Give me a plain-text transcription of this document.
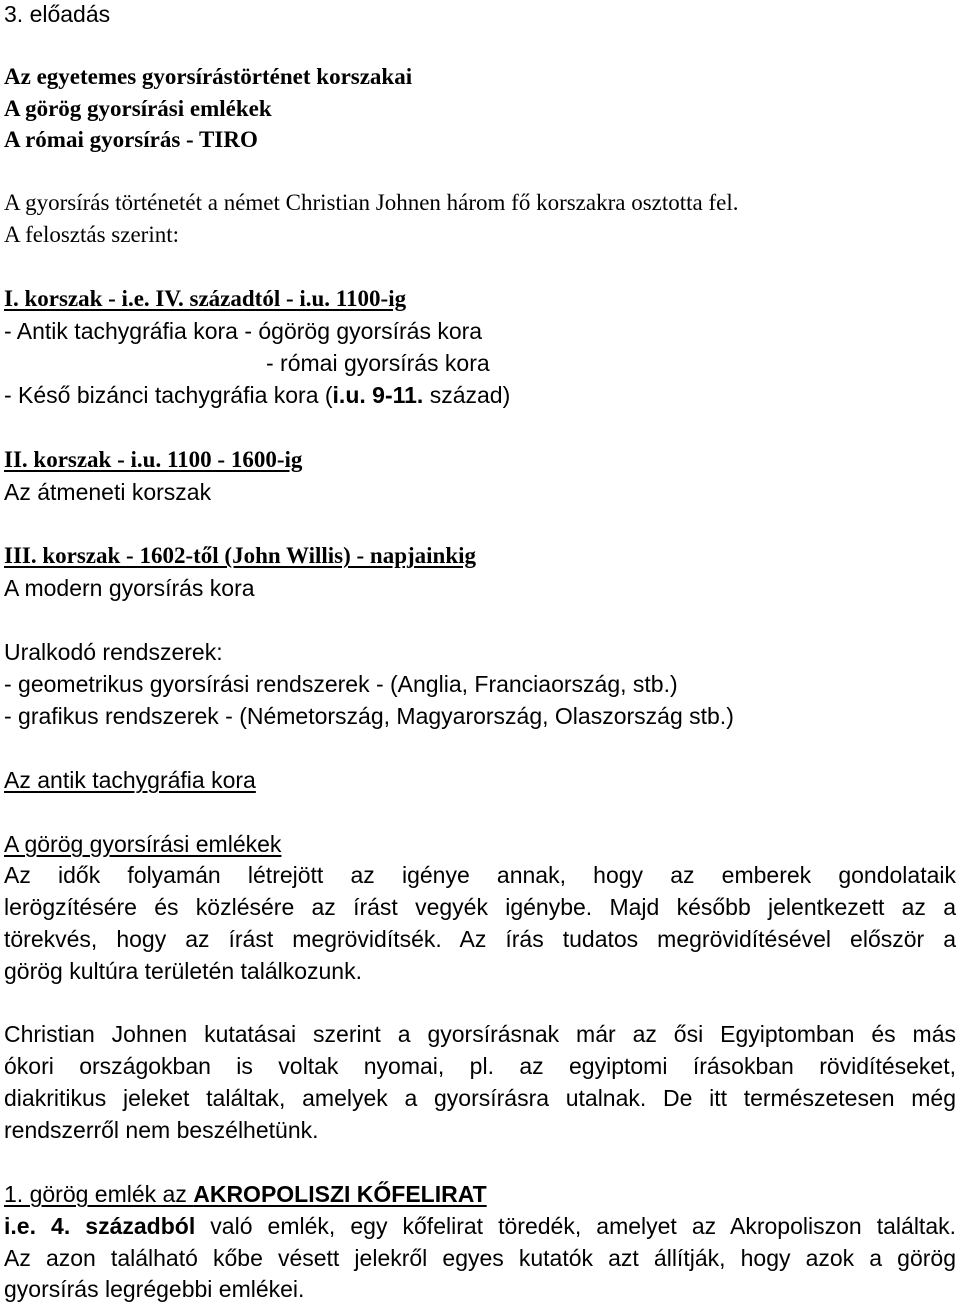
3. előadás
Az egyetemes gyorsírástörténet korszakai
A görög gyorsírási emlékek
A római gyorsírás - TIRO
A gyorsírás történetét a német Christian Johnen három fő korszakra osztotta fel.
A felosztás szerint:
I. korszak - i.e. IV. századtól - i.u. 1100-ig
- Antik tachygráfia kora - ógörög gyorsírás kora
- római gyorsírás kora
- Késő bizánci tachygráfia kora (i.u. 9-11. század)
II. korszak - i.u. 1100 - 1600-ig
Az átmeneti korszak
III. korszak - 1602-től (John Willis) - napjainkig
A modern gyorsírás kora
Uralkodó rendszerek:
- geometrikus gyorsírási rendszerek - (Anglia, Franciaország, stb.)
- grafikus rendszerek - (Németország, Magyarország, Olaszország stb.)
Az antik tachygráfia kora
A görög gyorsírási emlékek
Az idők folyamán létrejött az igénye annak, hogy az emberek gondolataik
lerögzítésére és közlésére az írást vegyék igénybe. Majd később jelentkezett az a
törekvés, hogy az írást megrövidítsék. Az írás tudatos megrövidítésével először a
görög kultúra területén találkozunk.
Christian Johnen kutatásai szerint a gyorsírásnak már az ősi Egyiptomban és más
ókori országokban is voltak nyomai, pl. az egyiptomi írásokban rövidítéseket,
diakritikus jeleket találtak, amelyek a gyorsírásra utalnak. De itt természetesen még
rendszerről nem beszélhetünk.
1. görög emlék az AKROPOLISZI KŐFELIRAT
i.e. 4. századból való emlék, egy kőfelirat töredék, amelyet az Akropoliszon találtak.
Az azon található kőbe vésett jelekről egyes kutatók azt állítják, hogy azok a görög
gyorsírás legrégebbi emlékei.
